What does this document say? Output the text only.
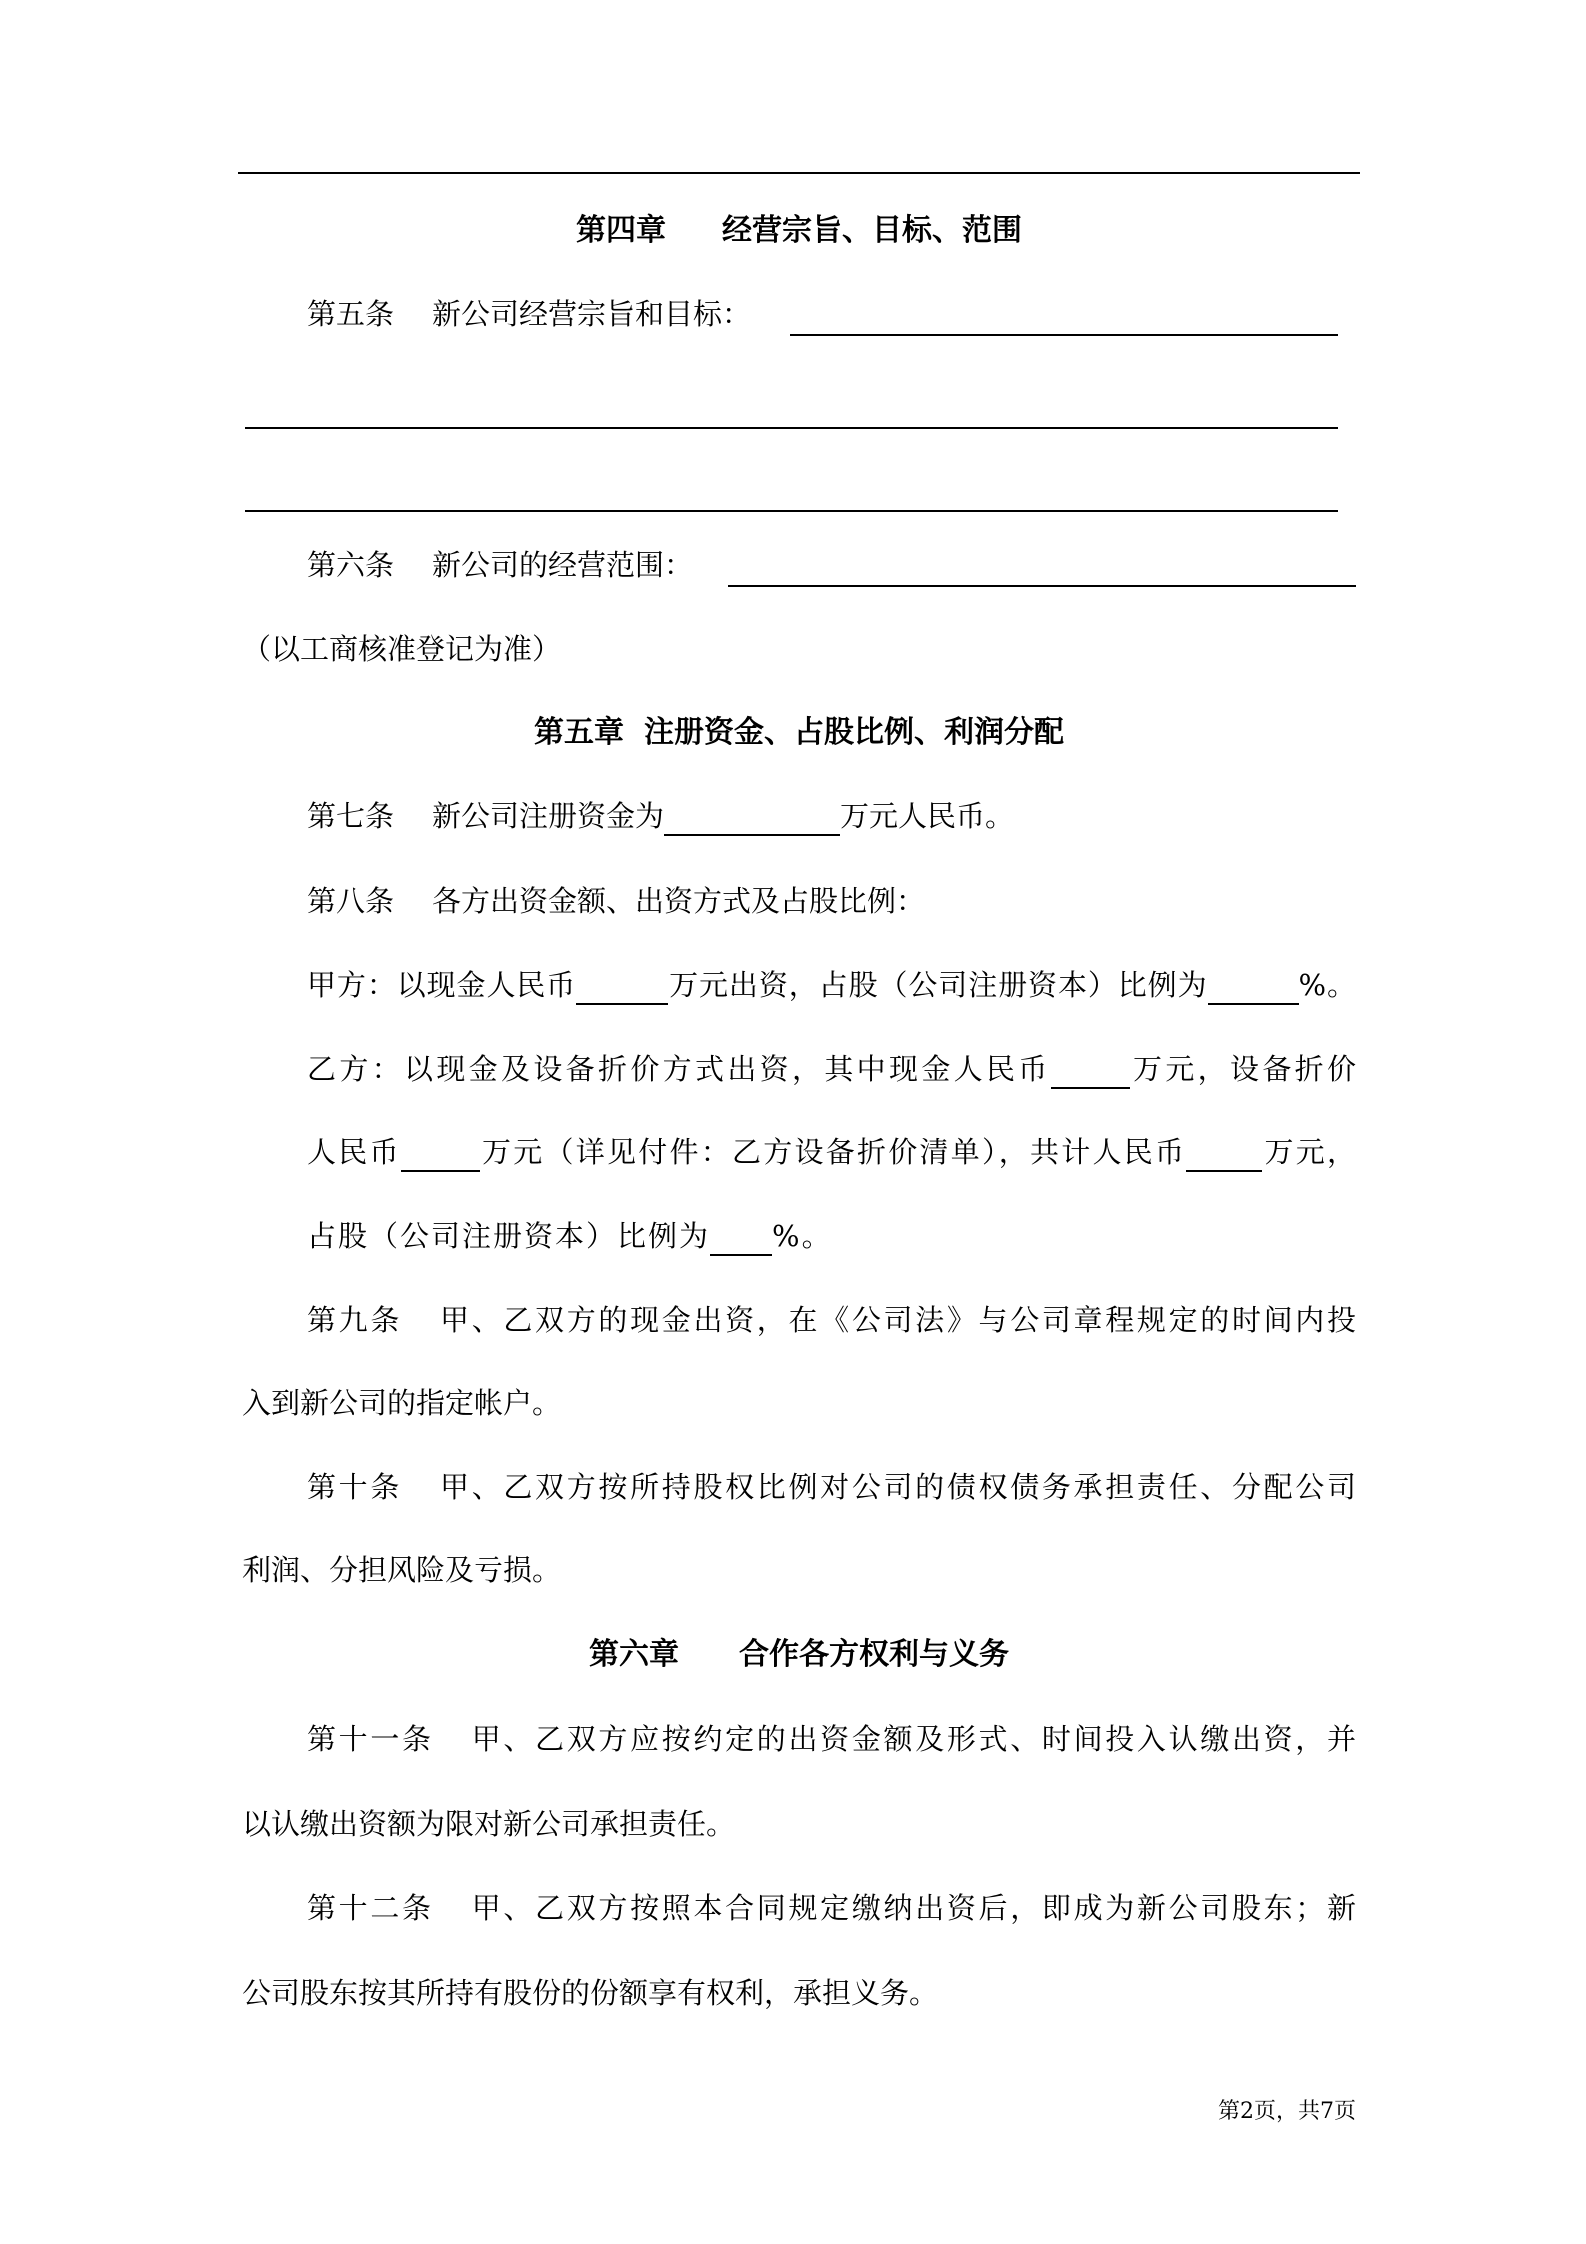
第四章 经营宗旨、目标、范围
第五条 新公司经营宗旨和目标：
第六条 新公司的经营范围：
（以工商核准登记为准）
第五章 注册资金、占股比例、利润分配
第七条 新公司注册资金为	万元人民币。
第八条 各方出资金额、出资方式及占股比例：
甲方：以现金人民币	万元出资，占股（公司注册资本）比例为	%。
乙方：以现金及设备折价方式出资，其中现金人民币	万元，设备折价
人民币	万元（详见付件：乙方设备折价清单），共计人民币	万元，
占股（公司注册资本）比例为 %。
第九条 甲、乙双方的现金出资，在《公司法》与公司章程规定的时间内投
入到新公司的指定帐户。
第十条 甲、乙双方按所持股权比例对公司的债权债务承担责任、分配公司
利润、分担风险及亏损。
第六章 合作各方权利与义务
第十一条 甲、乙双方应按约定的出资金额及形式、时间投入认缴出资，并
以认缴出资额为限对新公司承担责任。
第十二条 甲、乙双方按照本合同规定缴纳出资后，即成为新公司股东；新
公司股东按其所持有股份的份额享有权利，承担义务。
第2页，共7页
